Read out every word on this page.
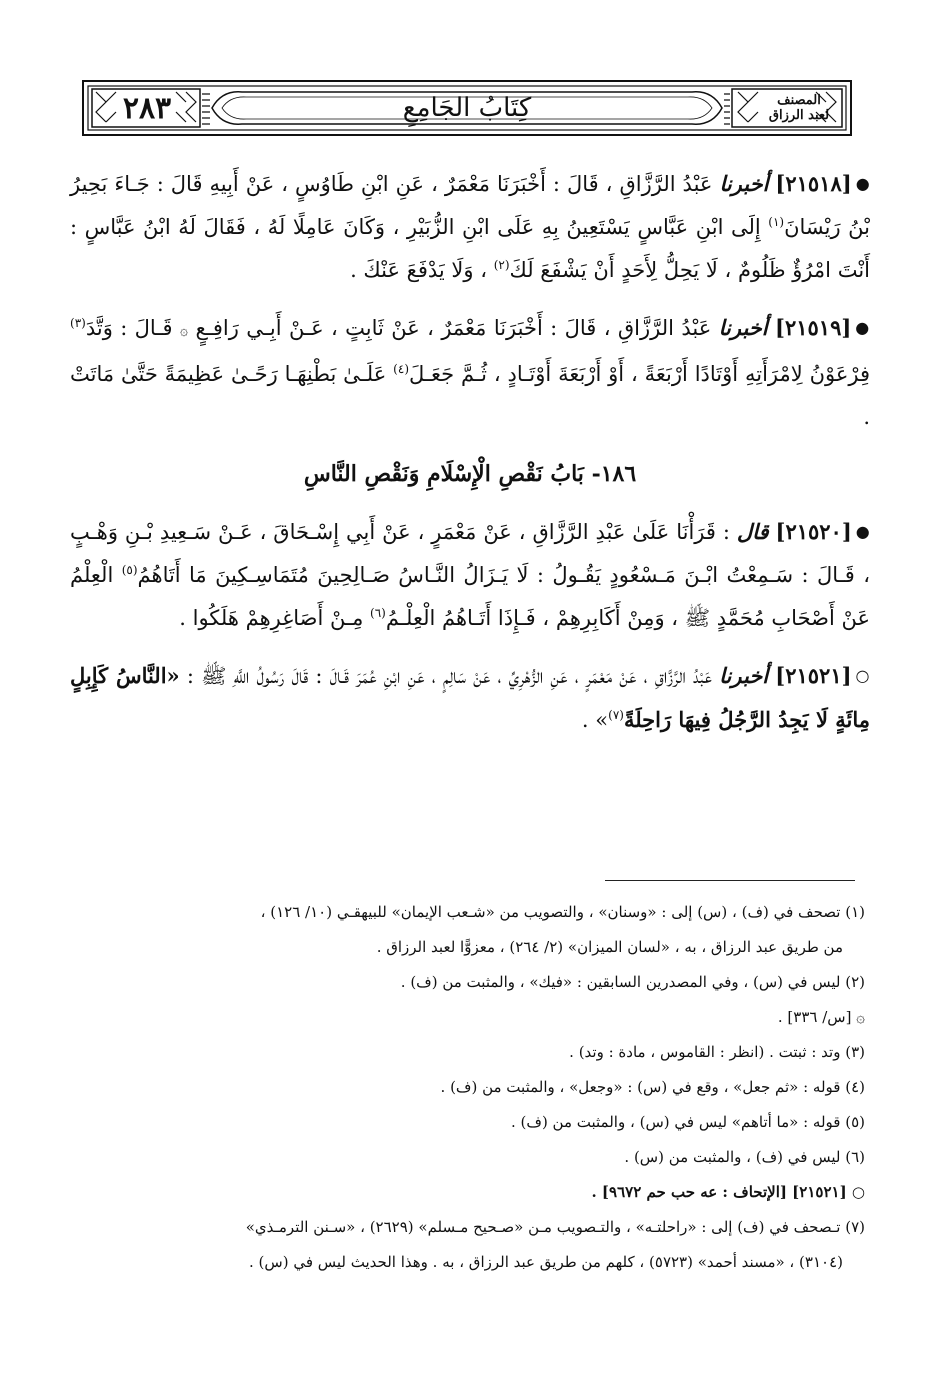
٢٨٣	كِتَابُ الجَامِعِ	المصنف
لعبد الرزاق

●[٢١٥١٨] أخبرنا عَبْدُ الرَّزَّاقِ ، قَالَ : أَخْبَرَنَا مَعْمَرٌ ، عَنِ ابْنِ طَاوُسٍ ، عَنْ أَبِيهِ قَالَ : جَـاءَ بَحِيرُ بْنُ رَيْسَانَ$^{(١)}$ إِلَى ابْنِ عَبَّاسٍ يَسْتَعِينُ بِهِ عَلَى ابْنِ الزُّبَيْرِ ، وَكَانَ عَامِلًا لَهُ ، فَقَالَ لَهُ ابْنُ عَبَّاسٍ : أَنْتَ امْرُؤٌ ظَلُومٌ ، لَا يَحِلُّ لِأَحَدٍ أَنْ يَشْفَعَ لَكَ$^{(٢)}$ ، وَلَا يَدْفَعَ عَنْكَ .

●[٢١٥١٩] أخبرنا عَبْدُ الرَّزَّاقِ ، قَالَ : أَخْبَرَنَا مَعْمَرٌ ، عَنْ ثَابِتٍ ، عَـنْ أَبِـي رَافِـعٍ ۞ قَـالَ : وَتَّدَ$^{(٣)}$ فِرْعَوْنُ لِامْرَأَتِهِ أَوْتَادًا أَرْبَعَةً ، أَوْ أَرْبَعَةَ أَوْتَـادٍ ، ثُـمَّ جَعَـلَ$^{(٤)}$ عَلَـىٰ بَطْنِهَـا رَحًـىٰ عَظِيمَةً حَتَّىٰ مَاتَتْ .

١٨٦- بَابُ نَقْصِ الْإِسْلَامِ وَنَقْصِ النَّاسِ

●[٢١٥٢٠] قال : قَرَأْنَا عَلَىٰ عَبْدِ الرَّزَّاقِ ، عَنْ مَعْمَرٍ ، عَنْ أَبِي إِسْـحَاقَ ، عَـنْ سَـعِيدِ بْـنِ وَهْـبٍ ، قَـالَ : سَـمِعْتُ ابْـنَ مَـسْعُودٍ يَقُـولُ : لَا يَـزَالُ النَّـاسُ صَـالِحِينَ مُتَمَاسِـكِينَ مَا أَتَاهُمُ$^{(٥)}$ الْعِلْمُ عَنْ أَصْحَابِ مُحَمَّدٍ ﷺ ، وَمِنْ أَكَابِرِهِمْ ، فَـإِذَا أَتَـاهُمُ الْعِلْـمُ$^{(٦)}$ مِـنْ أَصَاغِرِهِمْ هَلَكُوا .

○[٢١٥٢١] أخبرنا عَبْدُ الرَّزَّاقِ ، عَنْ مَعْمَرٍ ، عَنِ الزُّهْرِيِّ ، عَنْ سَالِمٍ ، عَنِ ابْنِ عُمَرَ قَـالَ : قَالَ رَسُولُ اللَّهِ ﷺ : «النَّاسُ كَإِبِلٍ مِائَةٍ لَا يَجِدُ الرَّجُلُ فِيهَا رَاحِلَةً$^{(٧)}$» .

(١) تصحف في (ف) ، (س) إلى : «وسنان» ، والتصويب من «شـعب الإيمان» للبيهقـي (١٠/ ١٢٦) ،

من طريق عبد الرزاق ، به ، «لسان الميزان» (٢/ ٢٦٤) ، معزوًّا لعبد الرزاق .

(٢) ليس في (س) ، وفي المصدرين السابقين : «فيك» ، والمثبت من (ف) .

۞ [س/ ٣٣٦] .

(٣) وتد : ثبتت . (انظر : القاموس ، مادة : وتد) .

(٤) قوله : «ثم جعل» ، وقع في (س) : «وجعل» ، والمثبت من (ف) .

(٥) قوله : «ما أتاهم» ليس في (س) ، والمثبت من (ف) .

(٦) ليس في (ف) ، والمثبت من (س) .

○ [٢١٥٢١] [الإتحاف : عه حب حم ٩٦٧٢] .

(٧) تـصحف في (ف) إلى : «راحلتـه» ، والتـصويب مـن «صـحيح مـسلم» (٢٦٢٩) ، «سـنن الترمـذي»

(٣١٠٤) ، «مسند أحمد» (٥٧٢٣) ، كلهم من طريق عبد الرزاق ، به . وهذا الحديث ليس في (س) .
